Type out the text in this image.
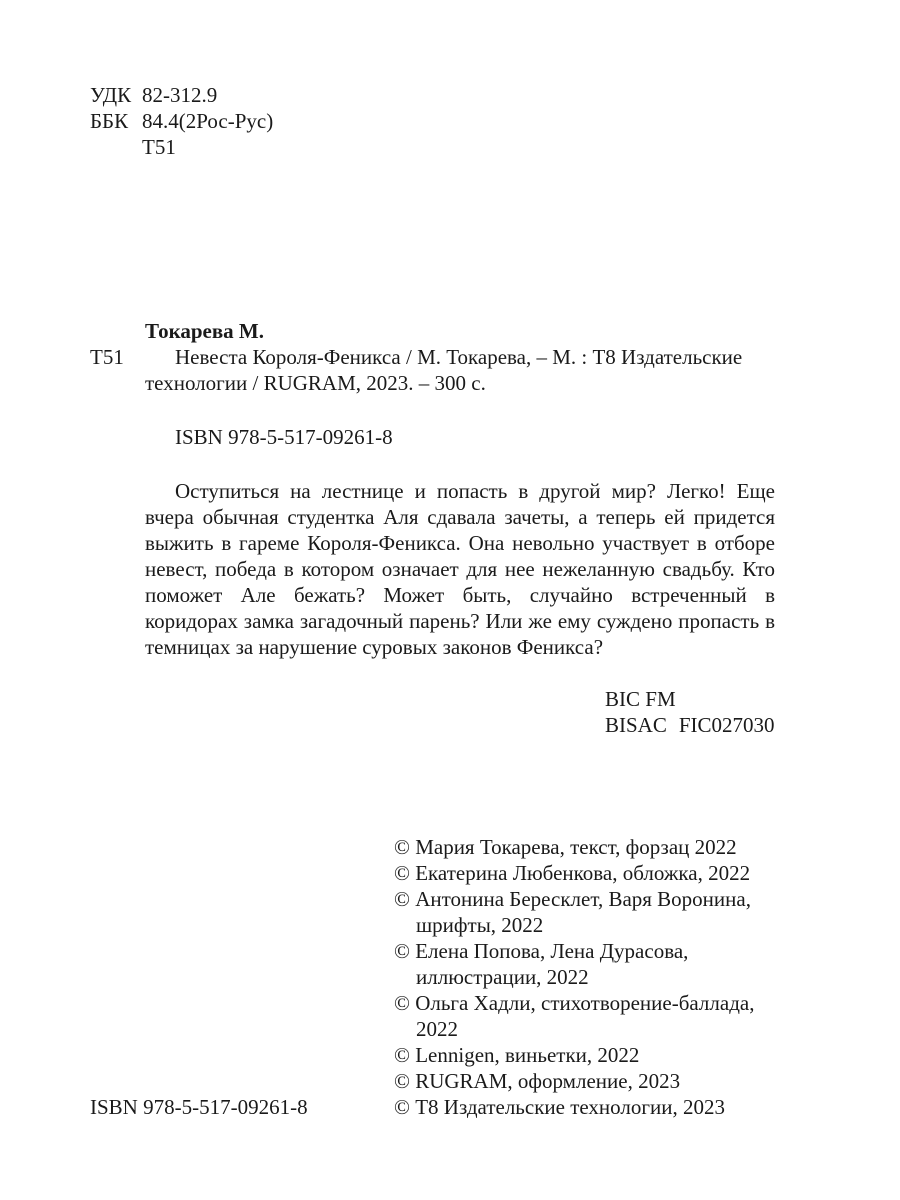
УДК 82-312.9
ББК 84.4(2Рос-Рус)
Т51
Токарева М.
Т51 Невеста Короля-Феникса / М. Токарева, – М. : Т8 Издательские
технологии / RUGRAM, 2023. – 300 с.
ISBN 978-5-517-09261-8

Оступиться на лестнице и попасть в другой мир? Легко! Еще вчера обычная студентка Аля сдавала зачеты, а теперь ей придется выжить в гареме Короля-Феникса. Она невольно участвует в отборе невест, победа в котором означает для нее нежеланную свадьбу. Кто поможет Але бежать? Может быть, случайно встреченный в коридорах замка загадочный парень? Или же ему суждено пропасть в темницах за нарушение суровых законов Феникса?

BIC FM
BISAC FIC027030
© Мария Токарева, текст, форзац 2022
© Екатерина Любенкова, обложка, 2022
© Антонина Бересклет, Варя Воронина,
шрифты, 2022
© Елена Попова, Лена Дурасова,
иллюстрации, 2022
© Ольга Хадли, стихотворение-баллада,
2022
© Lennigen, виньетки, 2022
© RUGRAM, оформление, 2023
© Т8 Издательские технологии, 2023
ISBN 978-5-517-09261-8
